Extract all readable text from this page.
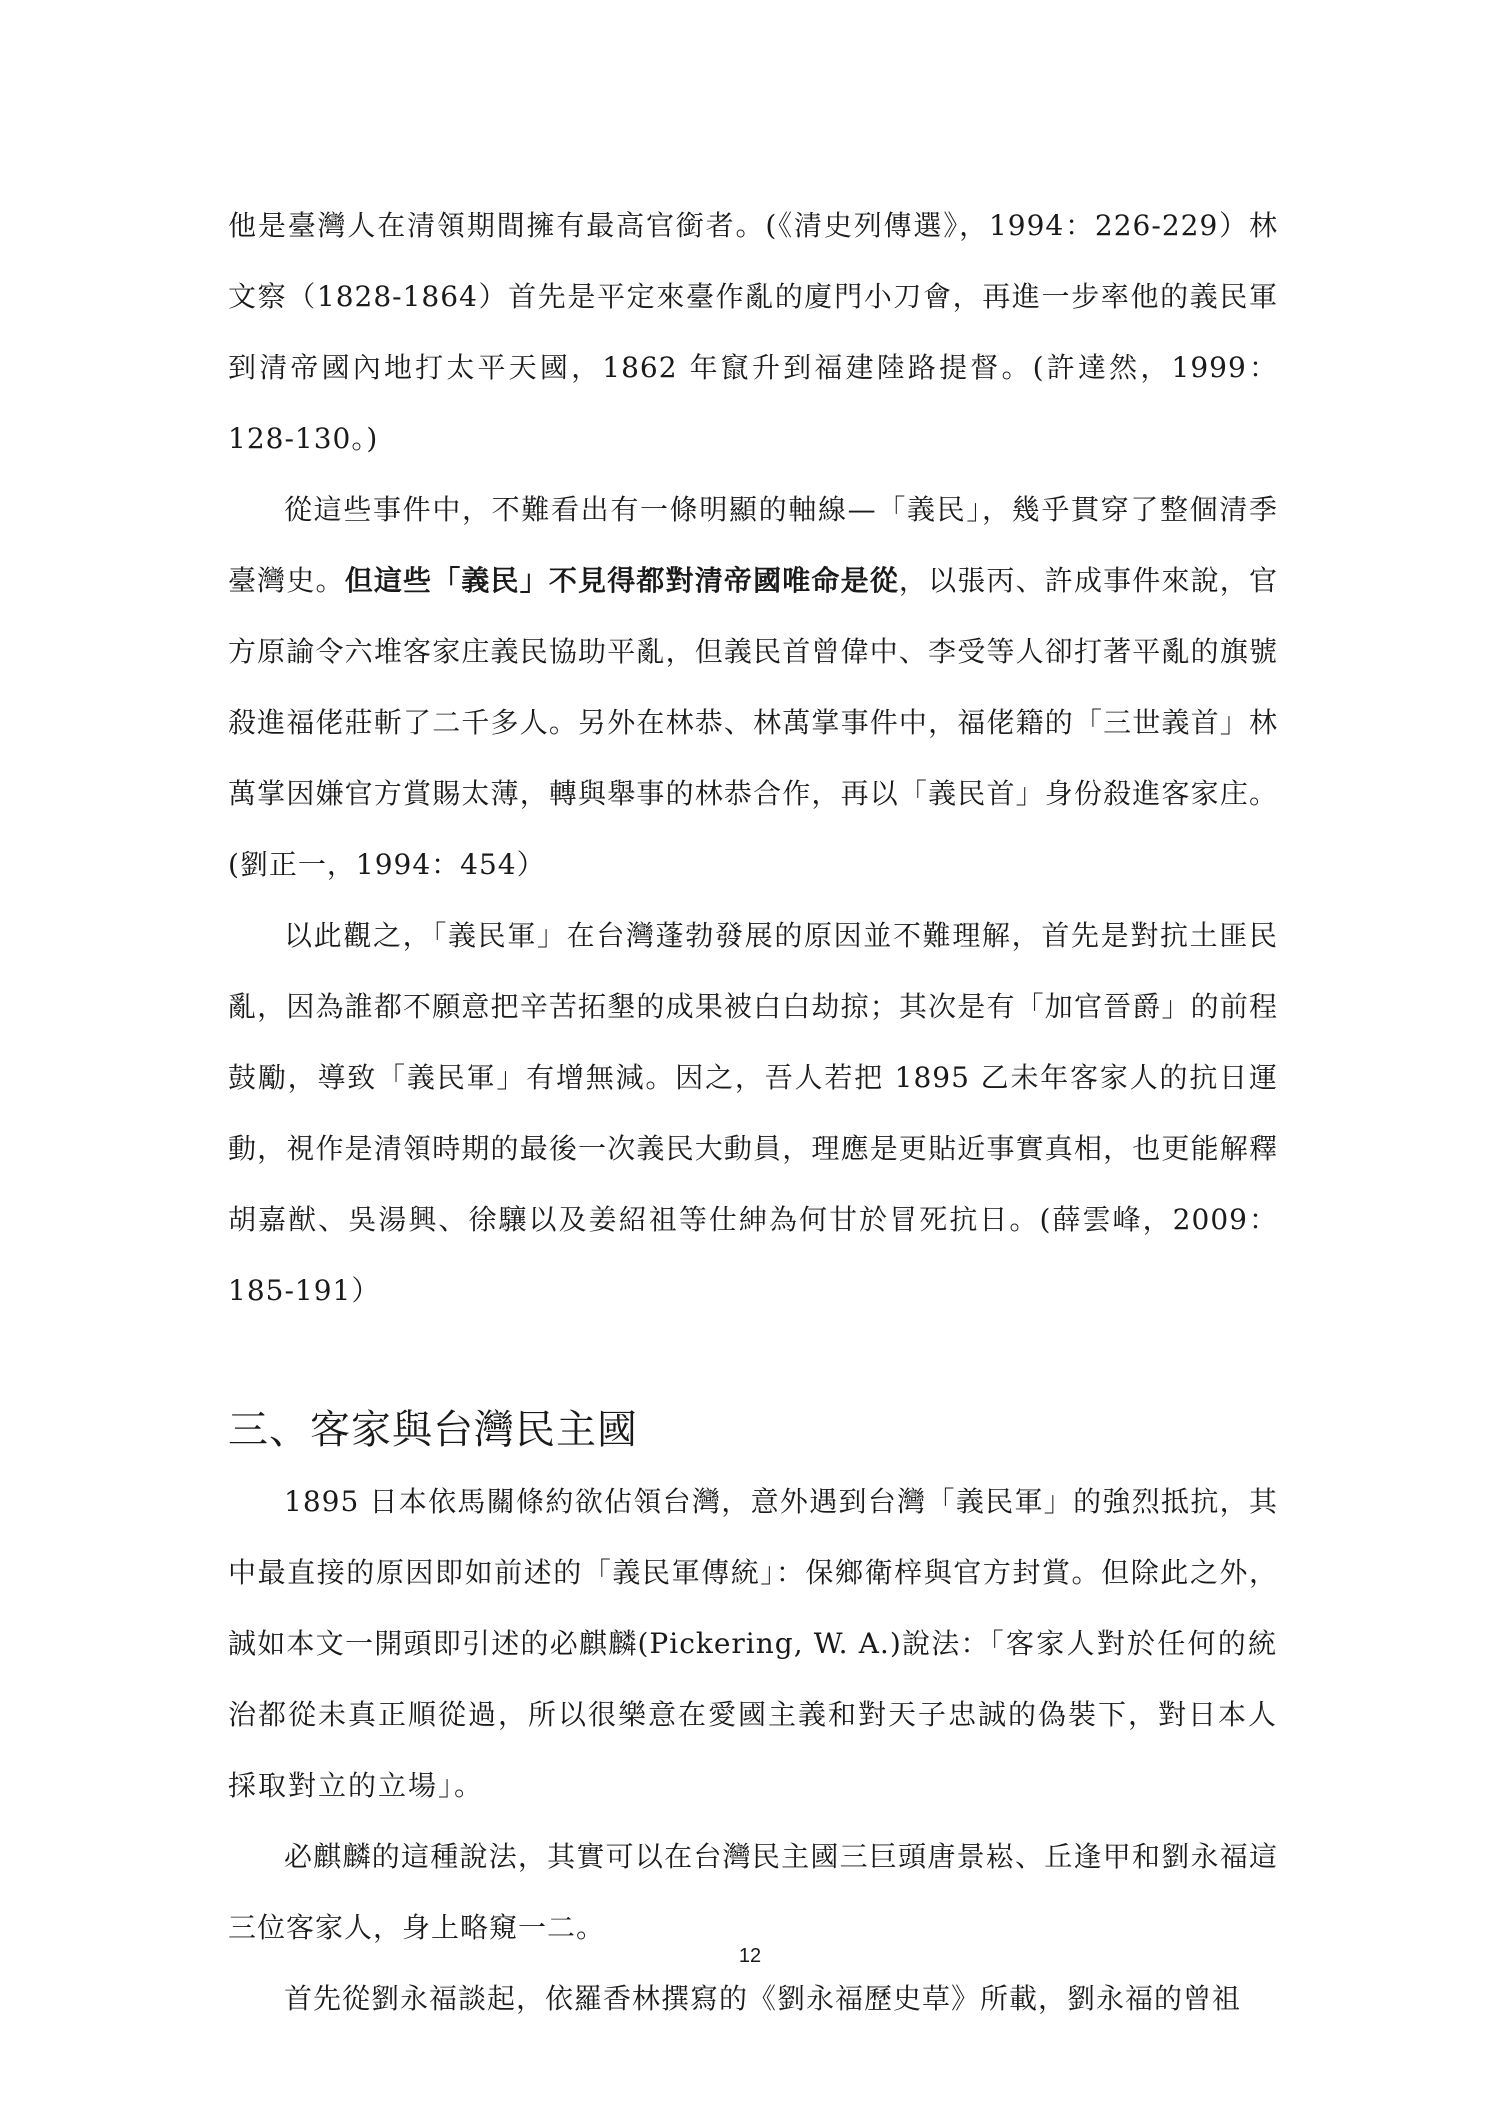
他是臺灣人在清領期間擁有最高官銜者。(《清史列傳選》，1994：226-229）林文察（1828-1864）首先是平定來臺作亂的廈門小刀會，再進一步率他的義民軍到清帝國內地打太平天國，1862 年竄升到福建陸路提督。(許達然，1999：128-130。)

從這些事件中，不難看出有一條明顯的軸線—「義民」，幾乎貫穿了整個清季臺灣史。但這些「義民」不見得都對清帝國唯命是從，以張丙、許成事件來說，官方原諭令六堆客家庄義民協助平亂，但義民首曾偉中、李受等人卻打著平亂的旗號殺進福佬莊斬了二千多人。另外在林恭、林萬掌事件中，福佬籍的「三世義首」林萬掌因嫌官方賞賜太薄，轉與舉事的林恭合作，再以「義民首」身份殺進客家庄。(劉正一，1994：454）

以此觀之，「義民軍」在台灣蓬勃發展的原因並不難理解，首先是對抗土匪民亂，因為誰都不願意把辛苦拓墾的成果被白白劫掠；其次是有「加官晉爵」的前程鼓勵，導致「義民軍」有增無減。因之，吾人若把 1895 乙未年客家人的抗日運動，視作是清領時期的最後一次義民大動員，理應是更貼近事實真相，也更能解釋胡嘉猷、吳湯興、徐驤以及姜紹祖等仕紳為何甘於冒死抗日。(薛雲峰，2009：185-191）

三、客家與台灣民主國

1895 日本依馬關條約欲佔領台灣，意外遇到台灣「義民軍」的強烈抵抗，其中最直接的原因即如前述的「義民軍傳統」：保鄉衛梓與官方封賞。但除此之外，誠如本文一開頭即引述的必麒麟(Pickering, W. A.)說法：「客家人對於任何的統治都從未真正順從過，所以很樂意在愛國主義和對天子忠誠的偽裝下，對日本人採取對立的立場」。

必麒麟的這種說法，其實可以在台灣民主國三巨頭唐景崧、丘逢甲和劉永福這三位客家人，身上略窺一二。

首先從劉永福談起，依羅香林撰寫的《劉永福歷史草》所載，劉永福的曾祖

12
